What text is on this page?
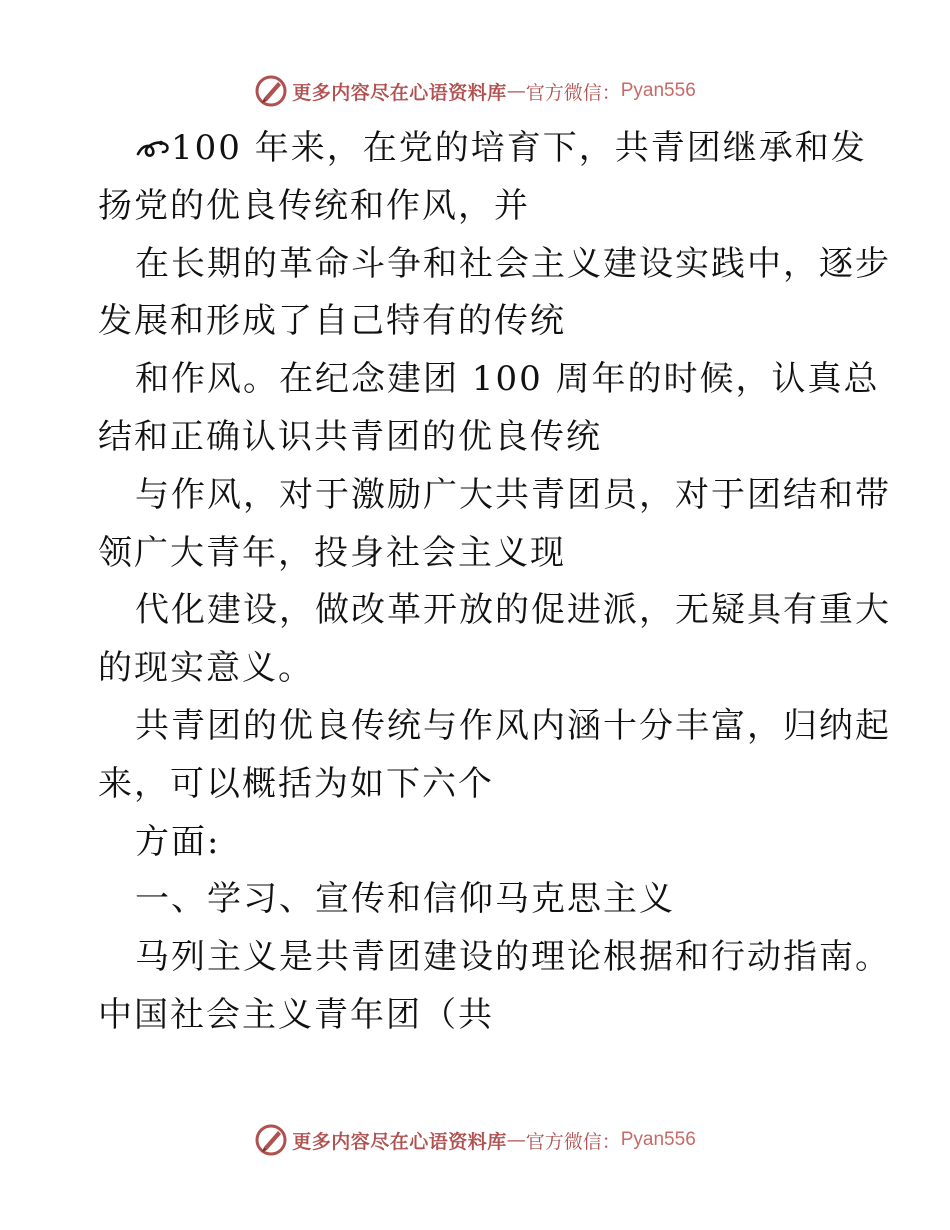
更多内容尽在心语资料库 — 官方微信： Pyan556
100 年来，在党的培育下，共青团继承和发
扬党的优良传统和作风，并
在长期的革命斗争和社会主义建设实践中，逐步
发展和形成了自己特有的传统
和作风。在纪念建团 100 周年的时候，认真总
结和正确认识共青团的优良传统
与作风，对于激励广大共青团员，对于团结和带
领广大青年，投身社会主义现
代化建设，做改革开放的促进派，无疑具有重大
的现实意义。
共青团的优良传统与作风内涵十分丰富，归纳起
来，可以概括为如下六个
方面:
一、学习、宣传和信仰马克思主义
马列主义是共青团建设的理论根据和行动指南。
中国社会主义青年团（共
更多内容尽在心语资料库 — 官方微信： Pyan556
